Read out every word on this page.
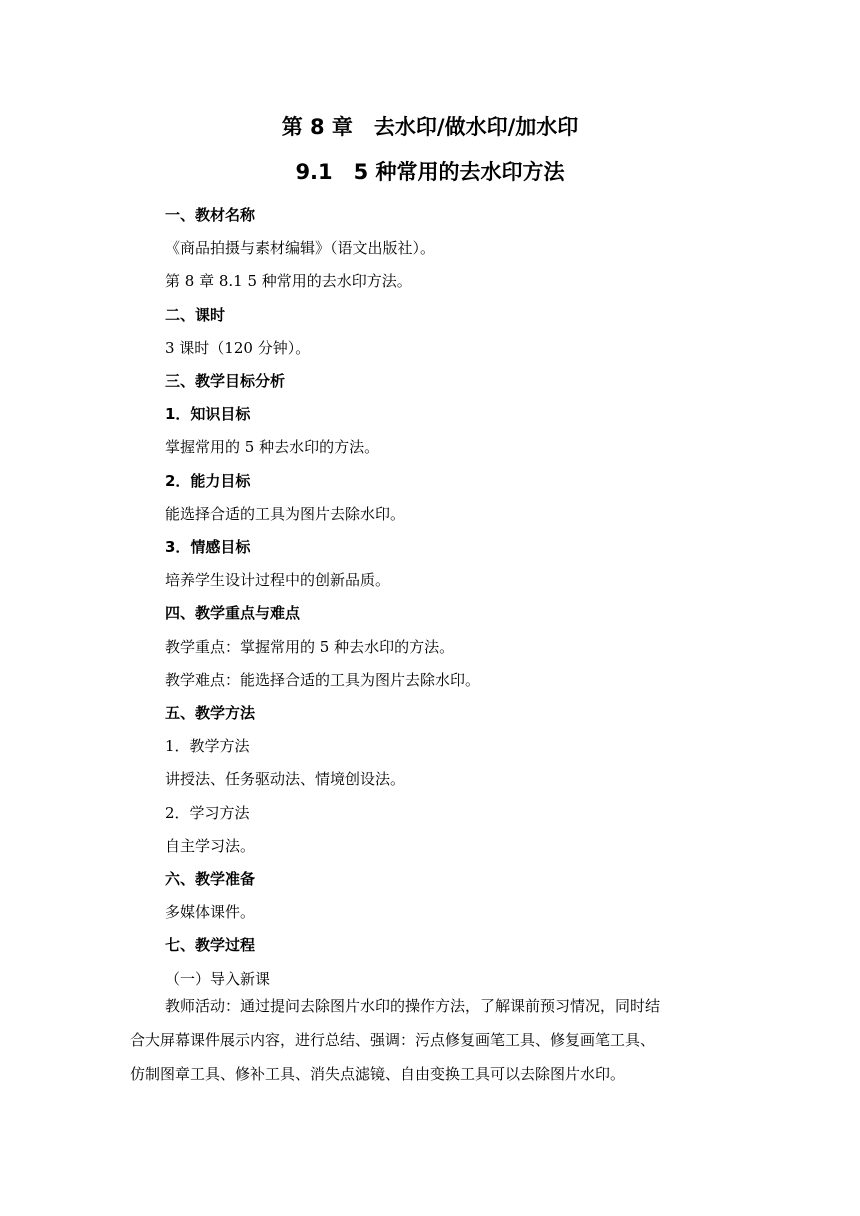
第 8 章　去水印/做水印/加水印
9.1　5 种常用的去水印方法
一、教材名称
《商品拍摄与素材编辑》（语文出版社）。
第 8 章 8.1 5 种常用的去水印方法。
二、课时
3 课时（120 分钟）。
三、教学目标分析
1．知识目标
掌握常用的 5 种去水印的方法。
2．能力目标
能选择合适的工具为图片去除水印。
3．情感目标
培养学生设计过程中的创新品质。
四、教学重点与难点
教学重点：掌握常用的 5 种去水印的方法。
教学难点：能选择合适的工具为图片去除水印。
五、教学方法
1．教学方法
讲授法、任务驱动法、情境创设法。
2．学习方法
自主学习法。
六、教学准备
多媒体课件。
七、教学过程
（一）导入新课
教师活动：通过提问去除图片水印的操作方法，了解课前预习情况，同时结
合大屏幕课件展示内容，进行总结、强调：污点修复画笔工具、修复画笔工具、
仿制图章工具、修补工具、消失点滤镜、自由变换工具可以去除图片水印。
